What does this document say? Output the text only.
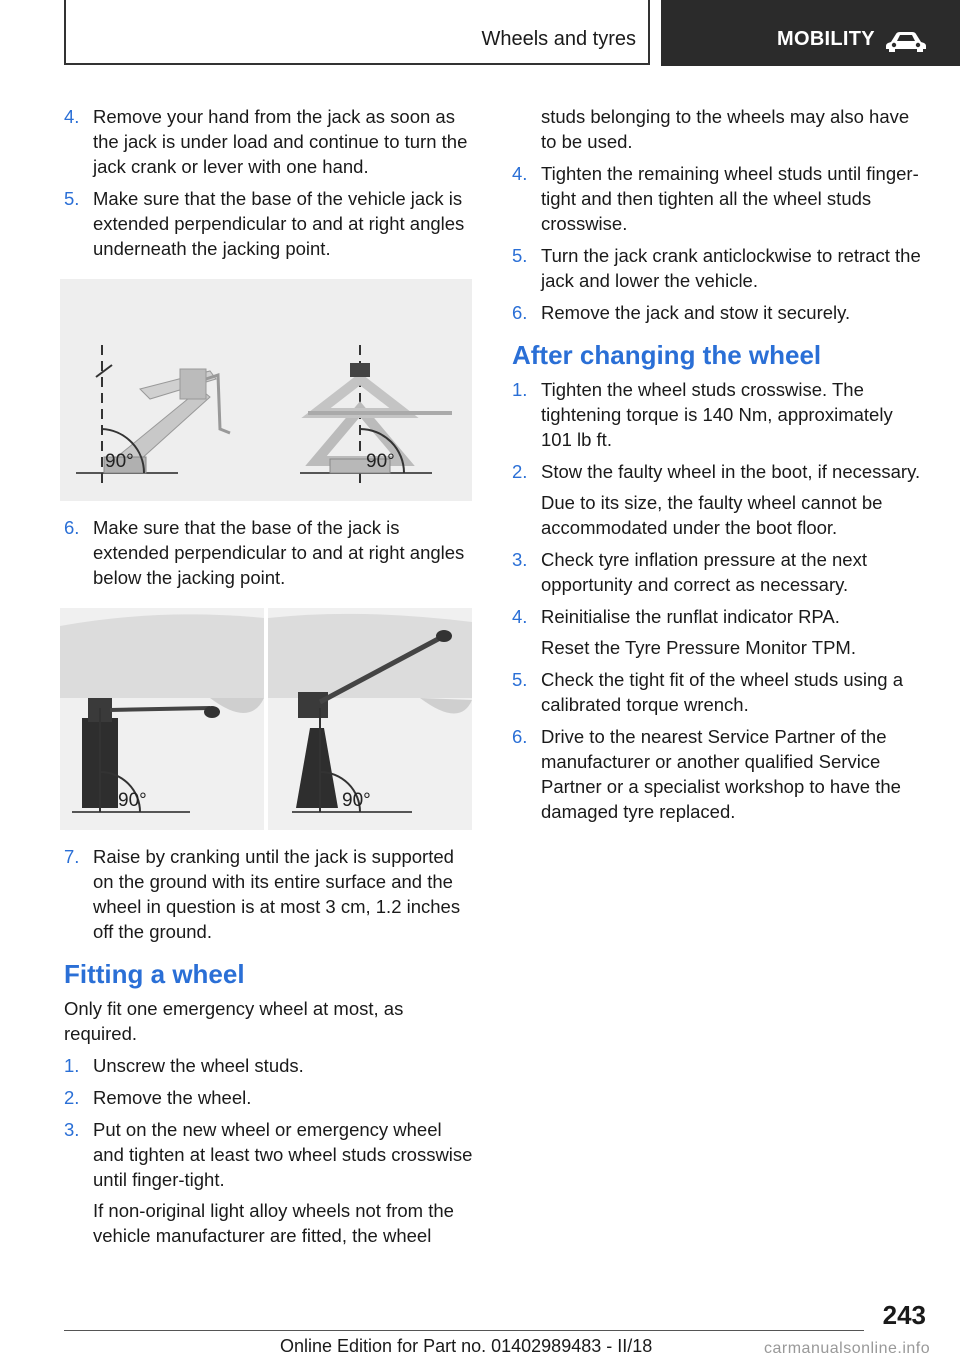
Wheels and tyres	MOBILITY
4. Remove your hand from the jack as soon as the jack is under load and continue to turn the jack crank or lever with one hand.
5. Make sure that the base of the vehicle jack is extended perpendicular to and at right angles underneath the jacking point.
90°	90°
6. Make sure that the base of the jack is extended perpendicular to and at right angles below the jacking point.
90°	90°
7. Raise by cranking until the jack is supported on the ground with its entire surface and the wheel in question is at most 3 cm, 1.2 inches off the ground.
Fitting a wheel

Only fit one emergency wheel at most, as required.

1. Unscrew the wheel studs.
2. Remove the wheel.
3. Put on the new wheel or emergency wheel and tighten at least two wheel studs crosswise until finger-tight.
If non-original light alloy wheels not from the vehicle manufacturer are fitted, the wheel
studs belonging to the wheels may also have to be used.
4. Tighten the remaining wheel studs until finger-tight and then tighten all the wheel studs crosswise.
5. Turn the jack crank anticlockwise to retract the jack and lower the vehicle.
6. Remove the jack and stow it securely.
After changing the wheel
1. Tighten the wheel studs crosswise. The tightening torque is 140 Nm, approximately 101 lb ft.
2. Stow the faulty wheel in the boot, if necessary.
Due to its size, the faulty wheel cannot be accommodated under the boot floor.
3. Check tyre inflation pressure at the next opportunity and correct as necessary.
4. Reinitialise the runflat indicator RPA.
Reset the Tyre Pressure Monitor TPM.
5. Check the tight fit of the wheel studs using a calibrated torque wrench.
6. Drive to the nearest Service Partner of the manufacturer or another qualified Service Partner or a specialist workshop to have the damaged tyre replaced.
243
Online Edition for Part no. 01402989483 - II/18	carmanualsonline.info
